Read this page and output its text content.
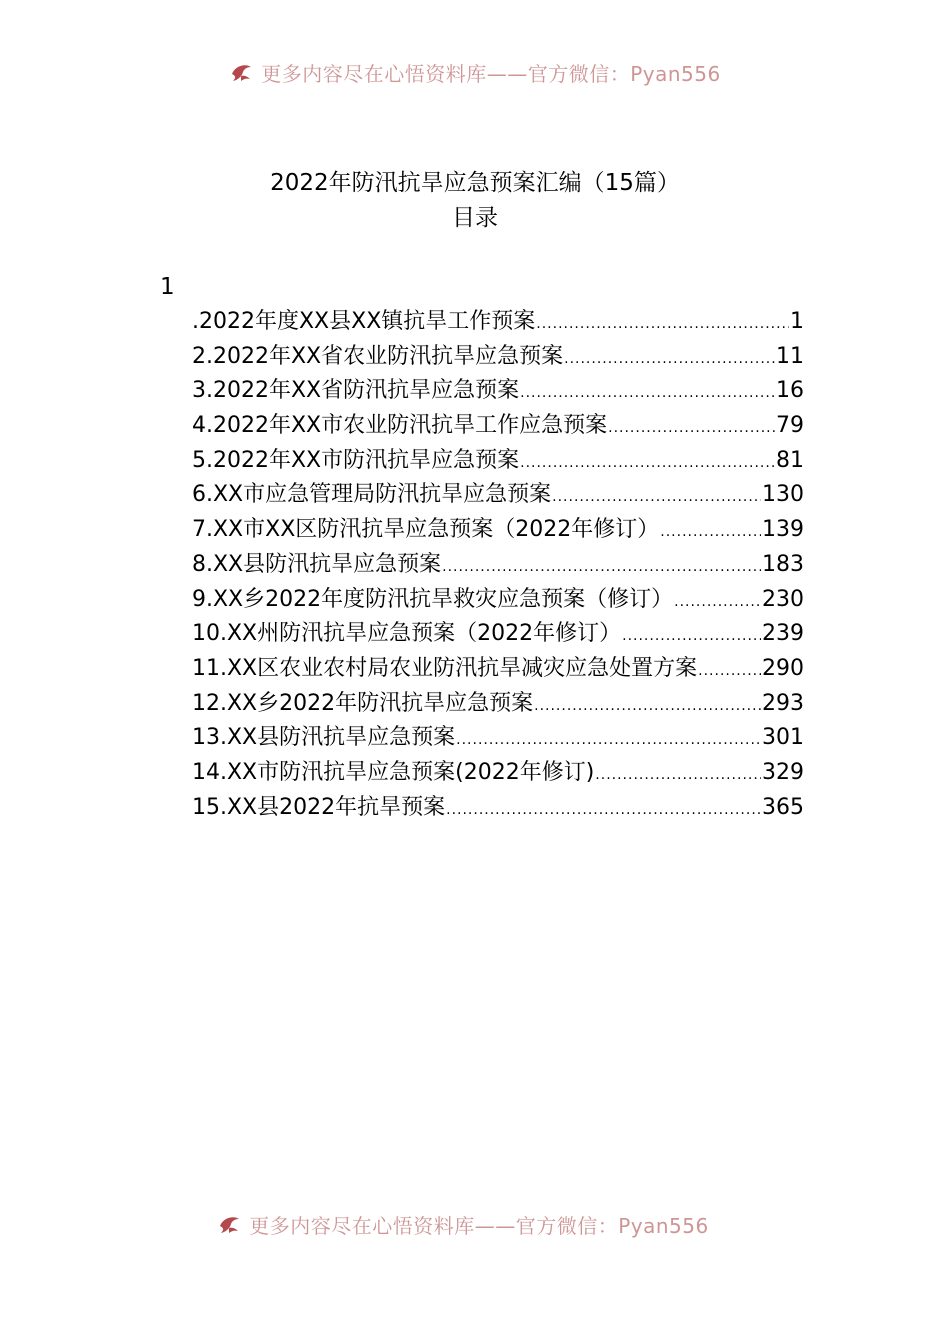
更多内容尽在心悟资料库——官方微信：Pyan556
2022年防汛抗旱应急预案汇编（15篇）
目录
1
.2022年度XX县XX镇抗旱工作预案 .....	1
2.2022年XX省农业防汛抗旱应急预案 .....	11
3.2022年XX省防汛抗旱应急预案 .....	16
4.2022年XX市农业防汛抗旱工作应急预案 .....	79
5.2022年XX市防汛抗旱应急预案 .....	81
6.XX市应急管理局防汛抗旱应急预案 .....	130
7.XX市XX区防汛抗旱应急预案（2022年修订） .....	139
8.XX县防汛抗旱应急预案 .....	183
9.XX乡2022年度防汛抗旱救灾应急预案（修订） .....	230
10.XX州防汛抗旱应急预案（2022年修订） .....	239
11.XX区农业农村局农业防汛抗旱减灾应急处置方案 .....	290
12.XX乡2022年防汛抗旱应急预案 .....	293
13.XX县防汛抗旱应急预案 .....	301
14.XX市防汛抗旱应急预案(2022年修订) .....	329
15.XX县2022年抗旱预案 .....	365
更多内容尽在心悟资料库——官方微信：Pyan556
